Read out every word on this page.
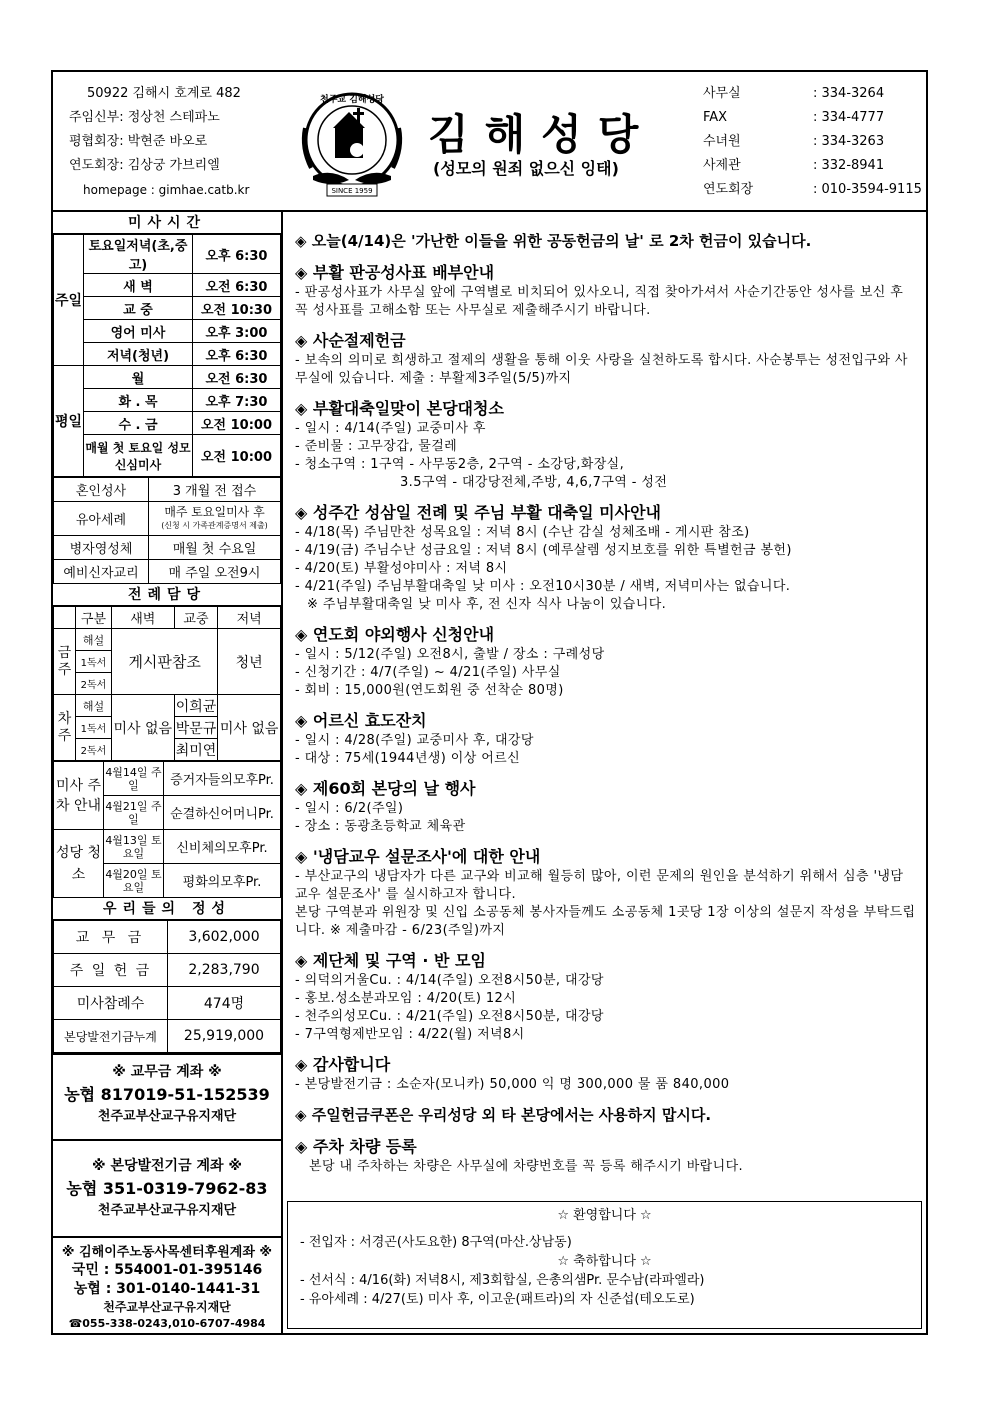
50922 김해시 호계로 482
주임신부: 정상천 스테파노
평협회장: 박현준 바오로
연도회장: 김상궁 가브리엘
homepage : gimhae.catb.kr	SINCE 1959
천주교 김해성당
김해성당
(성모의 원죄 없으신 잉태)
사무실	: 334-3264
FAX	: 334-4777
수녀원	: 334-3263
사제관	: 332-8941
연도회장	: 010-3594-9115
미사시간
주일	토요일저녁(초,중고)	오후 6:30
	새 벽	오전 6:30
	교 중	오전 10:30
	영어 미사	오후 3:00
	저녁(청년)	오후 6:30
평일	월	오전 6:30
	화 . 목	오후 7:30
	수 . 금	오전 10:00
	매월 첫 토요일 성모신심미사	오전 10:00
혼인성사	3 개월 전 접수
유아세례	매주 토요일미사 후
(신청 시 가족관계증명서 제출)

병자영성체	매월 첫 수요일
예비신자교리	매 주일 오전9시
전례담당
	구분	새벽	교중	저녁
금주	해설	게시판참조		청년
	1독서			
	2독서			
차주	해설	미사 없음	이희균	미사 없음
	1독서		박문규	
	2독서		최미연	
미사 주차 안내	4월14일 주일	증거자들의모후Pr.
	4월21일 주일	순결하신어머니Pr.
성당 청소	4월13일 토요일	신비체의모후Pr.
	4월20일 토요일	평화의모후Pr.
우리들의 정성
교 무 금	3,602,000
주 일 헌 금	2,283,790
미사참례수	474명
본당발전기금누계	25,919,000
※ 교무금 계좌 ※
농협 817019-51-152539
천주교부산교구유지재단
※ 본당발전기금 계좌 ※
농협 351-0319-7962-83
천주교부산교구유지재단
※ 김해이주노동사목센터후원계좌 ※
국민 : 554001-01-395146
농협 : 301-0140-1441-31
천주교부산교구유지재단
☎055-338-0243,010-6707-4984
◈ 오늘(4/14)은 '가난한 이들을 위한 공동헌금의 날' 로 2차 헌금이 있습니다.
◈ 부활 판공성사표 배부안내
- 판공성사표가 사무실 앞에 구역별로 비치되어 있사오니, 직접 찾아가셔서 사순기간동안 성사를 보신 후 꼭 성사표를 고해소함 또는 사무실로 제출해주시기 바랍니다.
◈ 사순절제헌금
- 보속의 의미로 희생하고 절제의 생활을 통해 이웃 사랑을 실천하도록 합시다. 사순봉투는 성전입구와 사무실에 있습니다. 제출 : 부활제3주일(5/5)까지
◈ 부활대축일맞이 본당대청소
- 일시 : 4/14(주일) 교중미사 후
- 준비물 : 고무장갑, 물걸레
- 청소구역 : 1구역 - 사무동2층, 2구역 - 소강당,화장실,
3.5구역 - 대강당전체,주방, 4,6,7구역 - 성전
◈ 성주간 성삼일 전례 및 주님 부활 대축일 미사안내
- 4/18(목) 주님만찬 성목요일 : 저녁 8시 (수난 감실 성체조배 - 게시판 참조)
- 4/19(금) 주님수난 성금요일 : 저녁 8시 (예루살렘 성지보호를 위한 특별헌금 봉헌)
- 4/20(토) 부활성야미사 : 저녁 8시
- 4/21(주일) 주님부활대축일 낮 미사 : 오전10시30분 / 새벽, 저녁미사는 없습니다.
※ 주님부활대축일 낮 미사 후, 전 신자 식사 나눔이 있습니다.
◈ 연도회 야외행사 신청안내
- 일시 : 5/12(주일) 오전8시, 출발 / 장소 : 구례성당
- 신청기간 : 4/7(주일) ~ 4/21(주일) 사무실
- 회비 : 15,000원(연도회원 중 선착순 80명)
◈ 어르신 효도잔치
- 일시 : 4/28(주일) 교중미사 후, 대강당
- 대상 : 75세(1944년생) 이상 어르신
◈ 제60회 본당의 날 행사
- 일시 : 6/2(주일)
- 장소 : 동광초등학교 체육관
◈ '냉담교우 설문조사'에 대한 안내
- 부산교구의 냉담자가 다른 교구와 비교해 월등히 많아, 이런 문제의 원인을 분석하기 위해서 심층 '냉담교우 설문조사' 를 실시하고자 합니다.
본당 구역분과 위원장 및 신입 소공동체 봉사자들께도 소공동체 1곳당 1장 이상의 설문지 작성을 부탁드립니다. ※ 제출마감 - 6/23(주일)까지
◈ 제단체 및 구역 · 반 모임
- 의덕의거울Cu. : 4/14(주일) 오전8시50분, 대강당
- 홍보.성소분과모임 : 4/20(토) 12시
- 천주의성모Cu. : 4/21(주일) 오전8시50분, 대강당
- 7구역형제반모임 : 4/22(월) 저녁8시
◈ 감사합니다
- 본당발전기금 : 소순자(모니카) 50,000 익 명 300,000 물 품 840,000
◈ 주일헌금쿠폰은 우리성당 외 타 본당에서는 사용하지 맙시다.
◈ 주차 차량 등록
본당 내 주차하는 차량은 사무실에 차량번호를 꼭 등록 해주시기 바랍니다.
☆ 환영합니다 ☆
- 전입자 : 서경곤(사도요한) 8구역(마산.상남동)
☆ 축하합니다 ☆
- 선서식 : 4/16(화) 저녁8시, 제3회합실, 은총의샘Pr. 문수남(라파엘라)
- 유아세례 : 4/27(토) 미사 후, 이고운(패트라)의 자 신준섭(테오도로)
